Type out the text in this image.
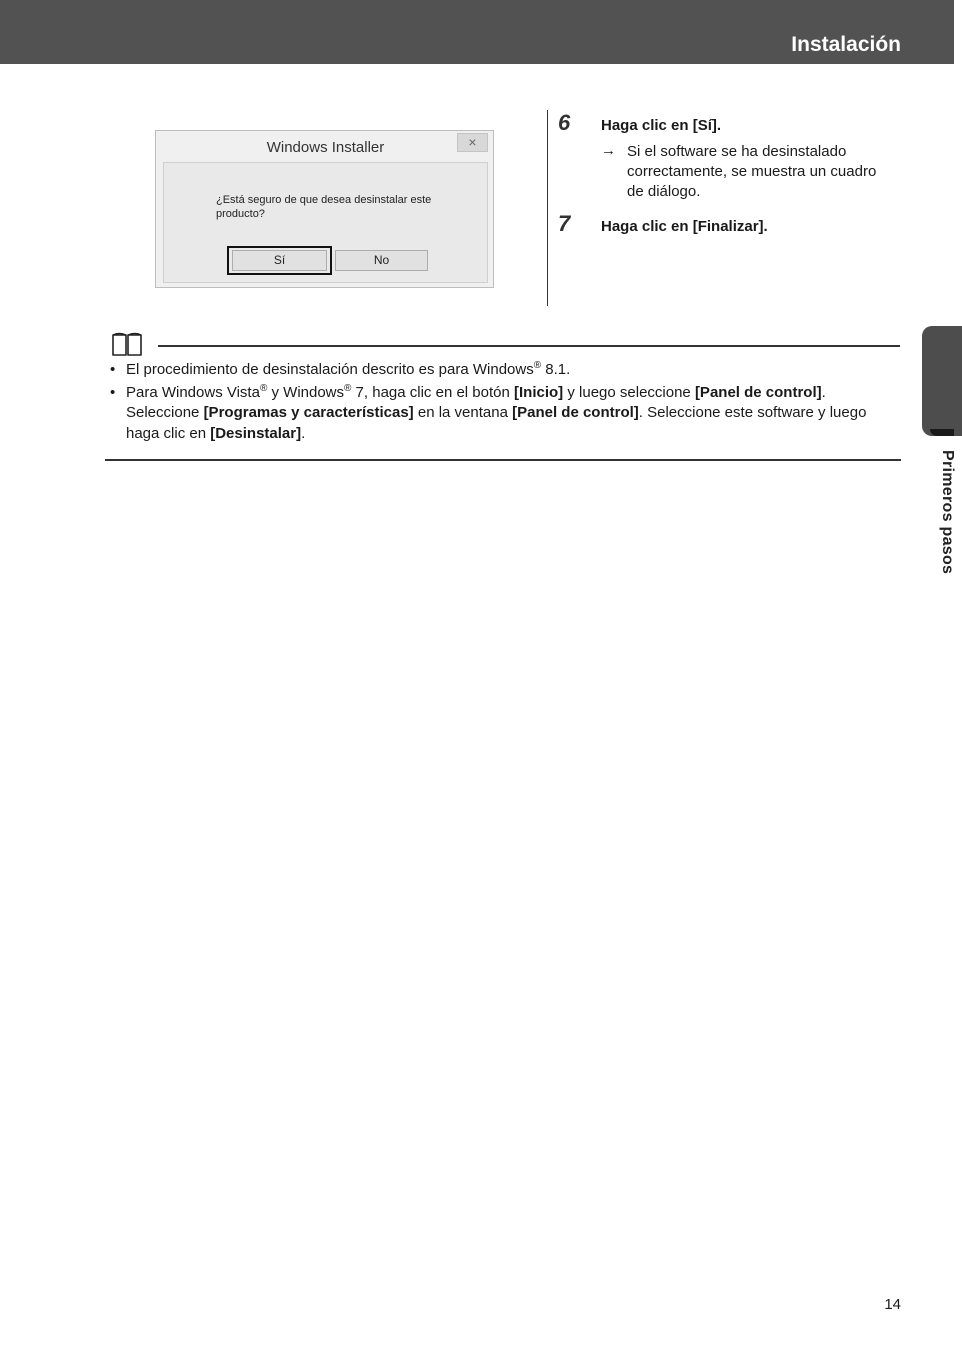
Instalación
Windows Installer	×
¿Está seguro de que desea desinstalar este producto?
Sí	No
6 Haga clic en [Sí].
→ Si el software se ha desinstalado correctamente, se muestra un cuadro de diálogo.
7 Haga clic en [Finalizar].
• El procedimiento de desinstalación descrito es para Windows® 8.1.
• Para Windows Vista® y Windows® 7, haga clic en el botón [Inicio] y luego seleccione [Panel de control]. Seleccione [Programas y características] en la ventana [Panel de control]. Seleccione este software y luego haga clic en [Desinstalar].
Primeros pasos
14
